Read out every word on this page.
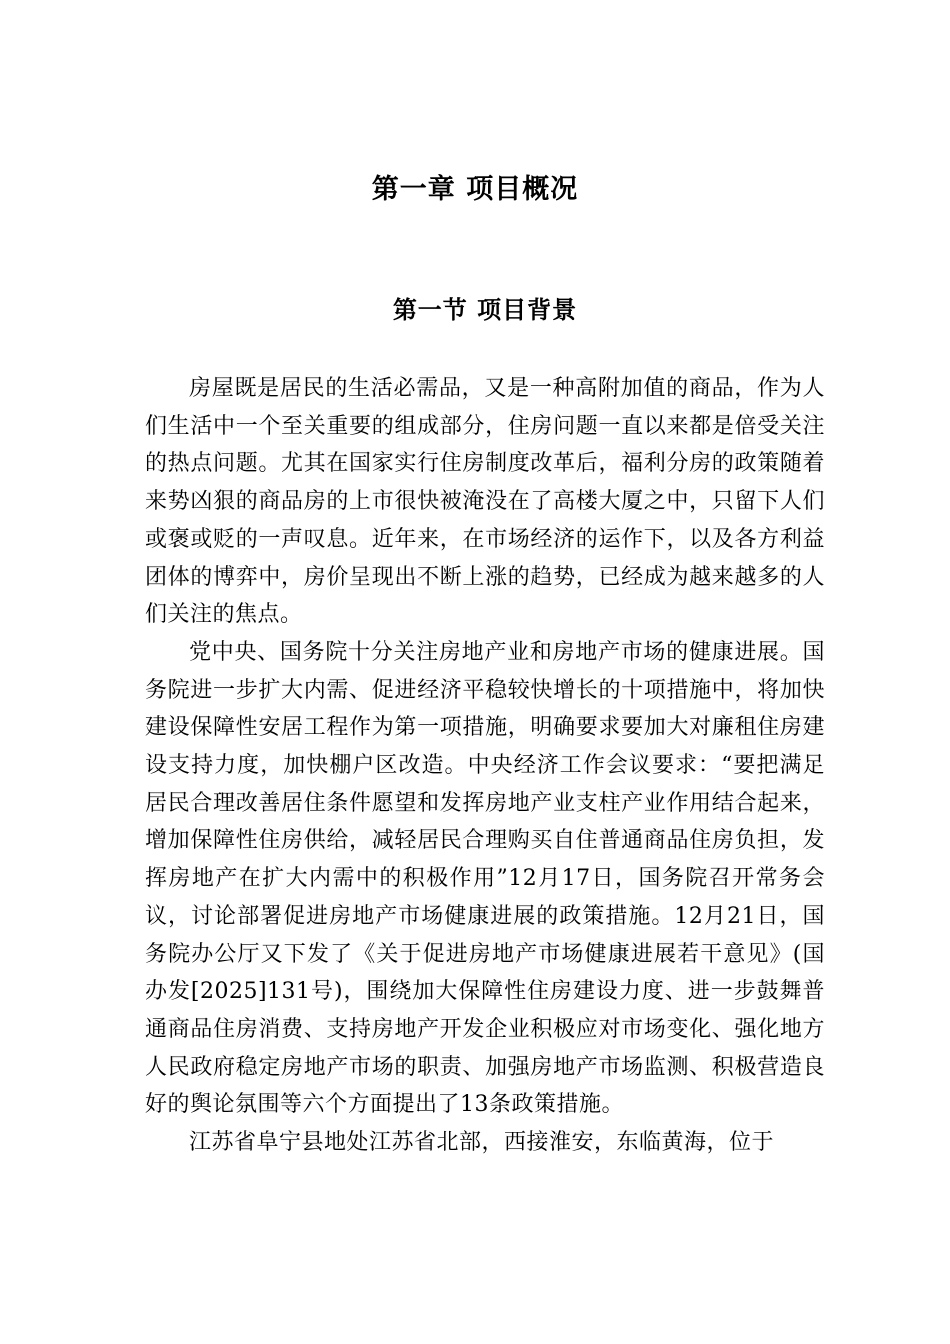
第一章 项目概况
第一节 项目背景

房屋既是居民的生活必需品，又是一种高附加值的商品，作为人们生活中一个至关重要的组成部分，住房问题一直以来都是倍受关注的热点问题。尤其在国家实行住房制度改革后，福利分房的政策随着来势凶狠的商品房的上市很快被淹没在了高楼大厦之中，只留下人们或褒或贬的一声叹息。近年来，在市场经济的运作下，以及各方利益团体的博弈中，房价呈现出不断上涨的趋势，已经成为越来越多的人们关注的焦点。

党中央、国务院十分关注房地产业和房地产市场的健康进展。国务院进一步扩大内需、促进经济平稳较快增长的十项措施中，将加快建设保障性安居工程作为第一项措施，明确要求要加大对廉租住房建设支持力度，加快棚户区改造。中央经济工作会议要求：“要把满足居民合理改善居住条件愿望和发挥房地产业支柱产业作用结合起来，增加保障性住房供给，减轻居民合理购买自住普通商品住房负担，发挥房地产在扩大内需中的积极作用”12月17日，国务院召开常务会议，讨论部署促进房地产市场健康进展的政策措施。12月21日，国务院办公厅又下发了《关于促进房地产市场健康进展若干意见》(国办发[2025]131号)，围绕加大保障性住房建设力度、进一步鼓舞普通商品住房消费、支持房地产开发企业积极应对市场变化、强化地方人民政府稳定房地产市场的职责、加强房地产市场监测、积极营造良好的舆论氛围等六个方面提出了13条政策措施。

江苏省阜宁县地处江苏省北部，西接淮安，东临黄海，位于
